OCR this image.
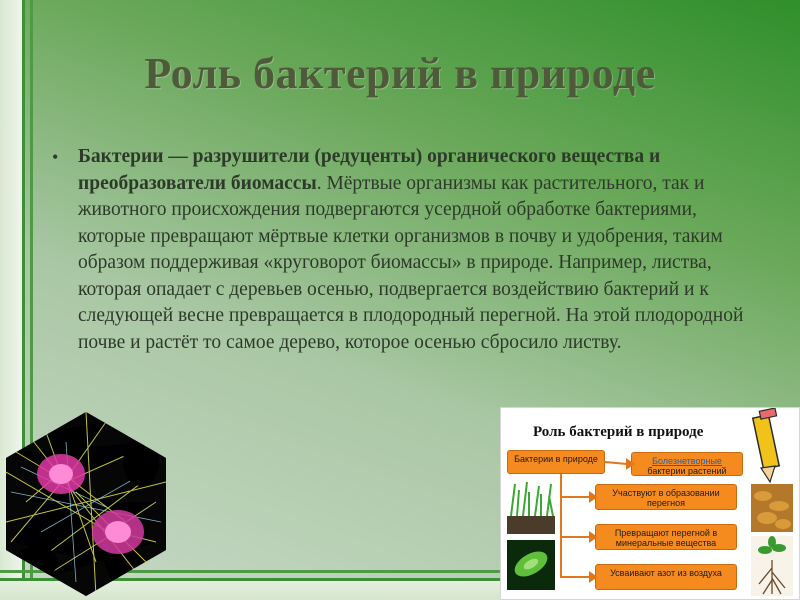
Роль бактерий в природе
• Бактерии — разрушители (редуценты) органического вещества и преобразователи биомассы. Мёртвые организмы как растительного, так и животного происхождения подвергаются усердной обработке бактериями, которые превращают мёртвые клетки организмов в почву и удобрения, таким образом поддерживая «круговорот биомассы» в природе. Например, листва, которая опадает с деревьев осенью, подвергается воздействию бактерий и к следующей весне превращается в плодородный перегной. На этой плодородной почве и растёт то самое дерево, которое осенью сбросило листву.

Роль бактерий в природе
Бактерии в природе	Болезнетворные
бактерии растений
Участвуют в образовании перегноя
Превращают перегной в минеральные вещества
Усваивают азот из воздуха
